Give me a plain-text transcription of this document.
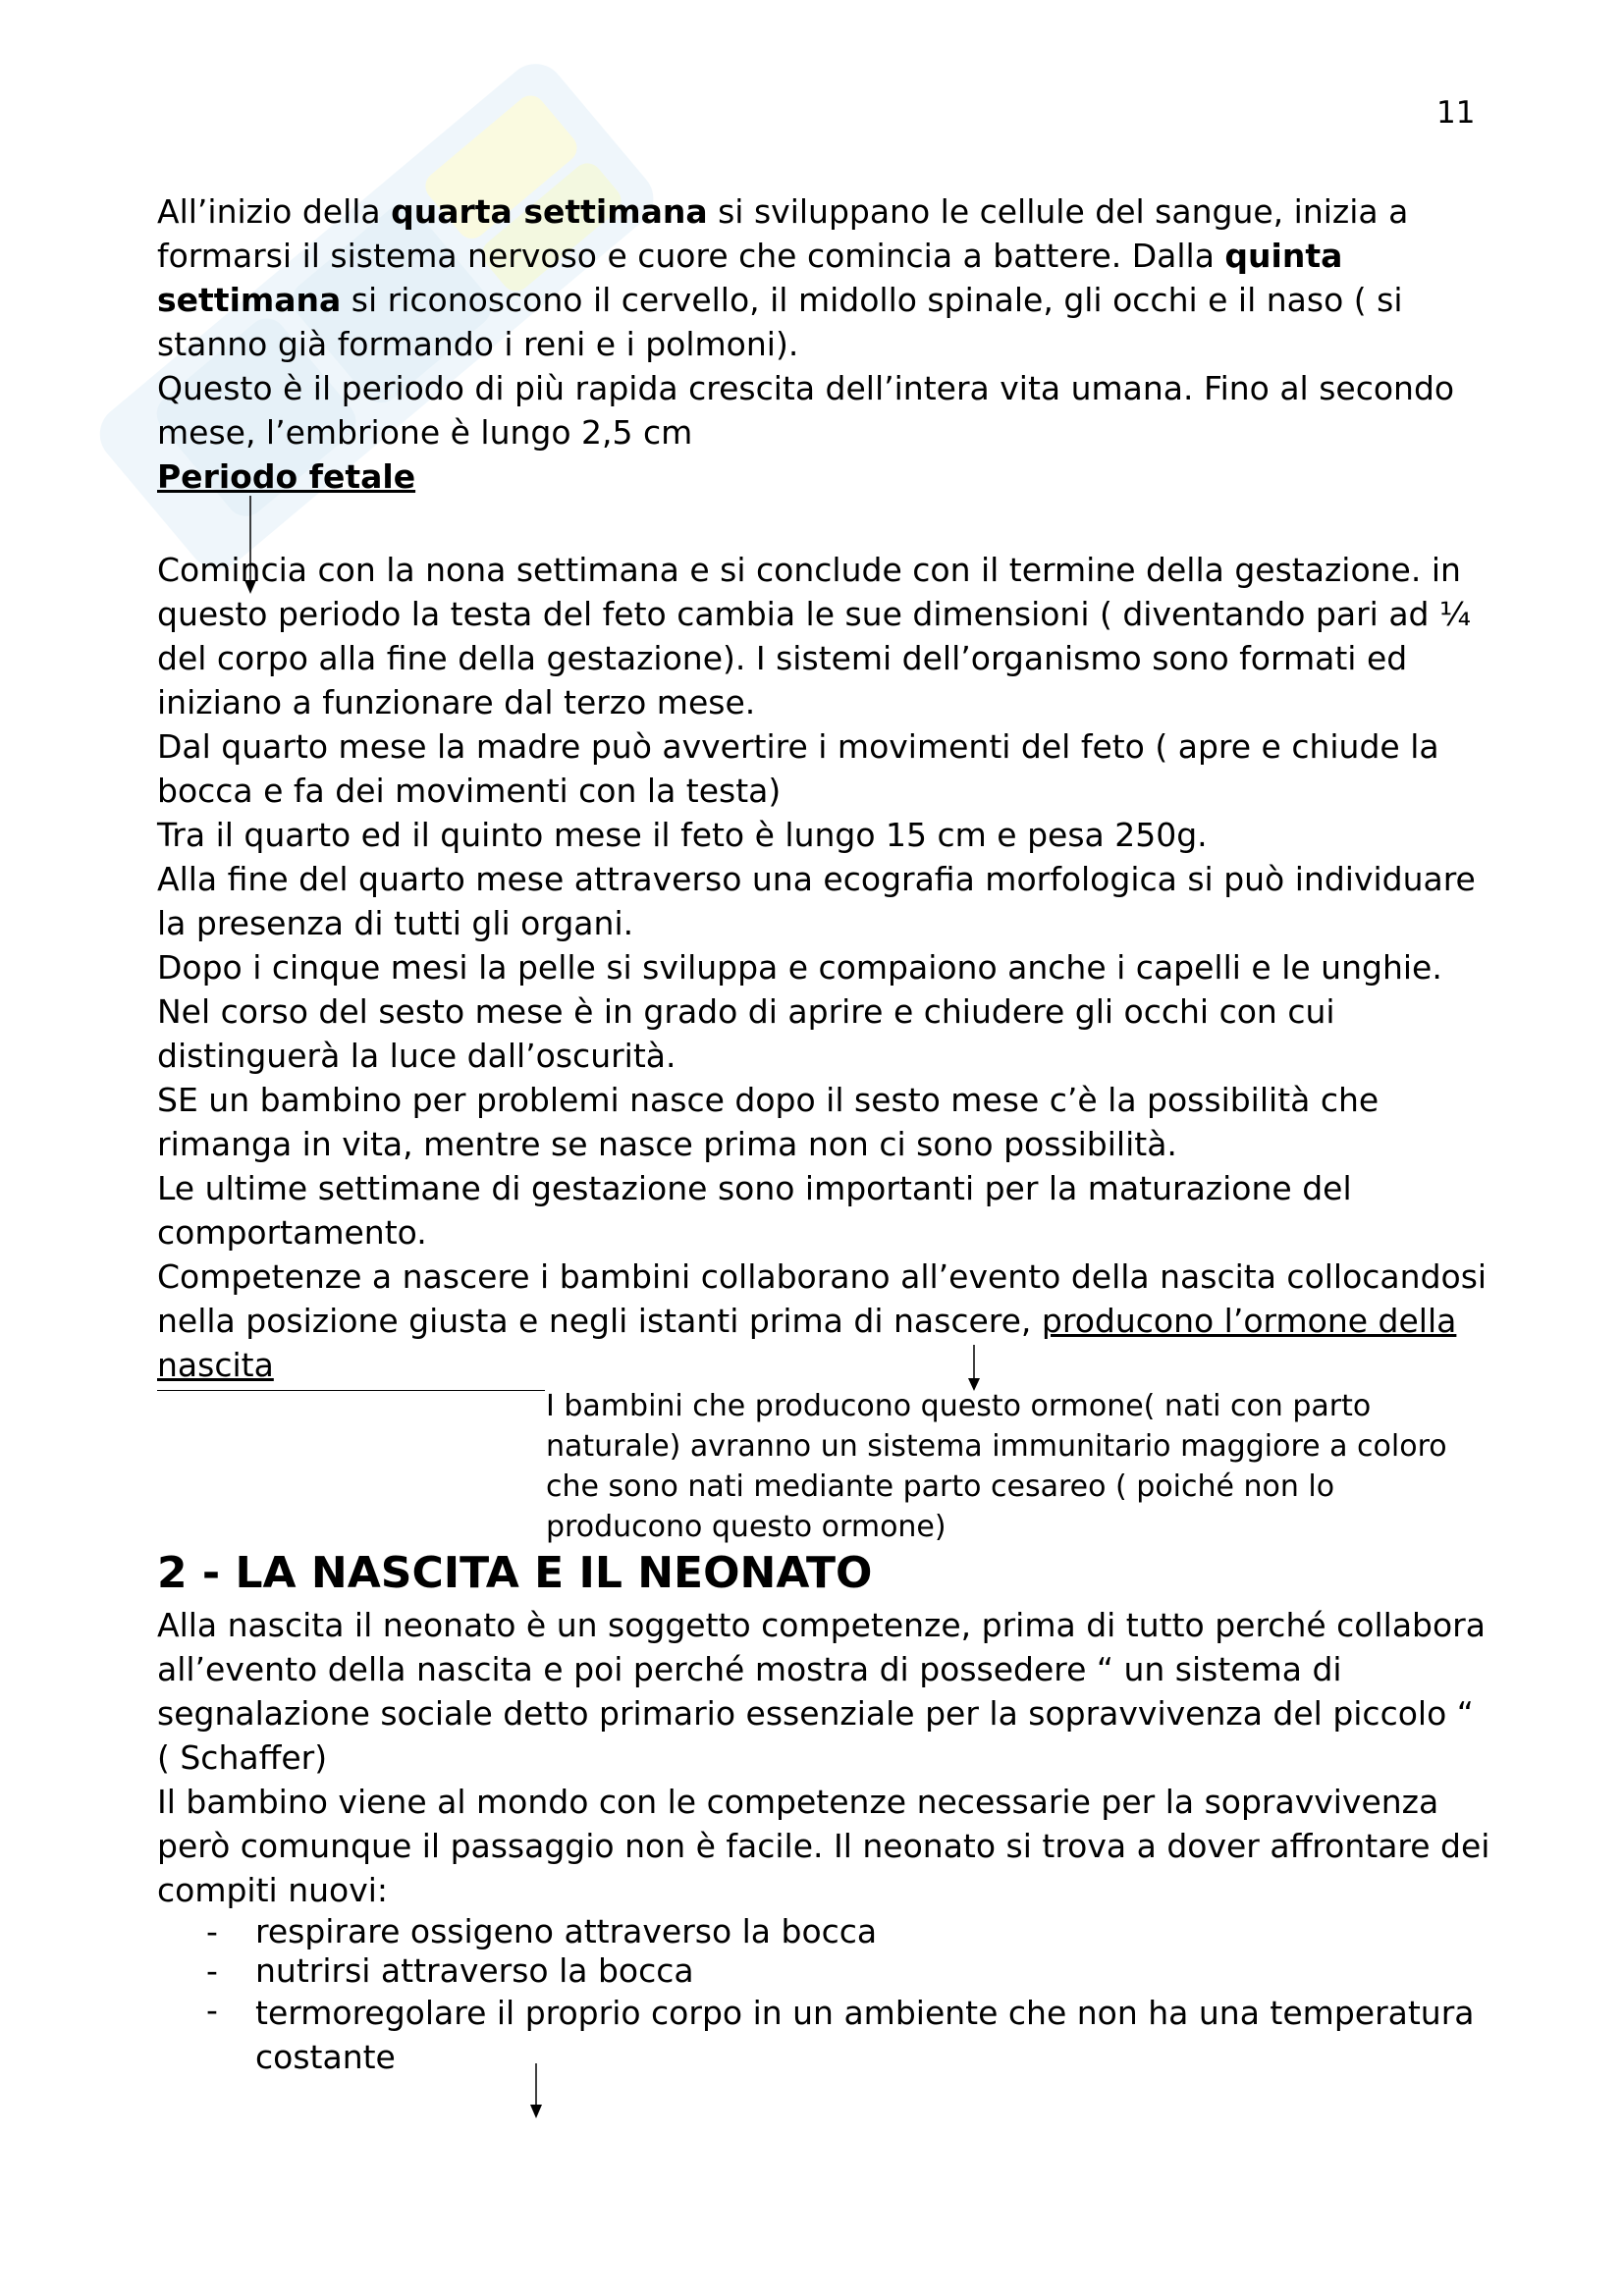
11

All’inizio della quarta settimana si sviluppano le cellule del sangue, inizia a formarsi il sistema nervoso e cuore che comincia a battere. Dalla quinta settimana si riconoscono il cervello, il midollo spinale, gli occhi e il naso ( si stanno già formando i reni e i polmoni).

Questo è il periodo di più rapida crescita dell’intera vita umana. Fino al secondo mese, l’embrione è lungo 2,5 cm

Periodo fetale

Comincia con la nona settimana e si conclude con il termine della gestazione. in questo periodo la testa del feto cambia le sue dimensioni ( diventando pari ad ¼ del corpo alla fine della gestazione). I sistemi dell’organismo sono formati ed iniziano a funzionare dal terzo mese.

Dal quarto mese la madre può avvertire i movimenti del feto ( apre e chiude la bocca e fa dei movimenti con la testa)

Tra il quarto ed il quinto mese il feto è lungo 15 cm e pesa 250g.

Alla fine del quarto mese attraverso una ecografia morfologica si può individuare la presenza di tutti gli organi.

Dopo i cinque mesi la pelle si sviluppa e compaiono anche i capelli e le unghie.

Nel corso del sesto mese è in grado di aprire e chiudere gli occhi con cui distinguerà la luce dall’oscurità.

SE un bambino per problemi nasce dopo il sesto mese c’è la possibilità che rimanga in vita, mentre se nasce prima non ci sono possibilità.

Le ultime settimane di gestazione sono importanti per la maturazione del comportamento.

Competenze a nascere i bambini collaborano all’evento della nascita collocandosi nella posizione giusta e negli istanti prima di nascere, producono l’ormone della nascita

I bambini che producono questo ormone( nati con parto naturale) avranno un sistema immunitario maggiore a coloro che sono nati mediante parto cesareo ( poiché non lo producono questo ormone)
2 - LA NASCITA E IL NEONATO

Alla nascita il neonato è un soggetto competenze, prima di tutto perché collabora all’evento della nascita e poi perché mostra di possedere “ un sistema di segnalazione sociale detto primario essenziale per la sopravvivenza del piccolo “ ( Schaffer)

Il bambino viene al mondo con le competenze necessarie per la sopravvivenza però comunque il passaggio non è facile. Il neonato si trova a dover affrontare dei compiti nuovi:

- respirare ossigeno attraverso la bocca
- nutrirsi attraverso la bocca
- termoregolare il proprio corpo in un ambiente che non ha una temperatura costante
